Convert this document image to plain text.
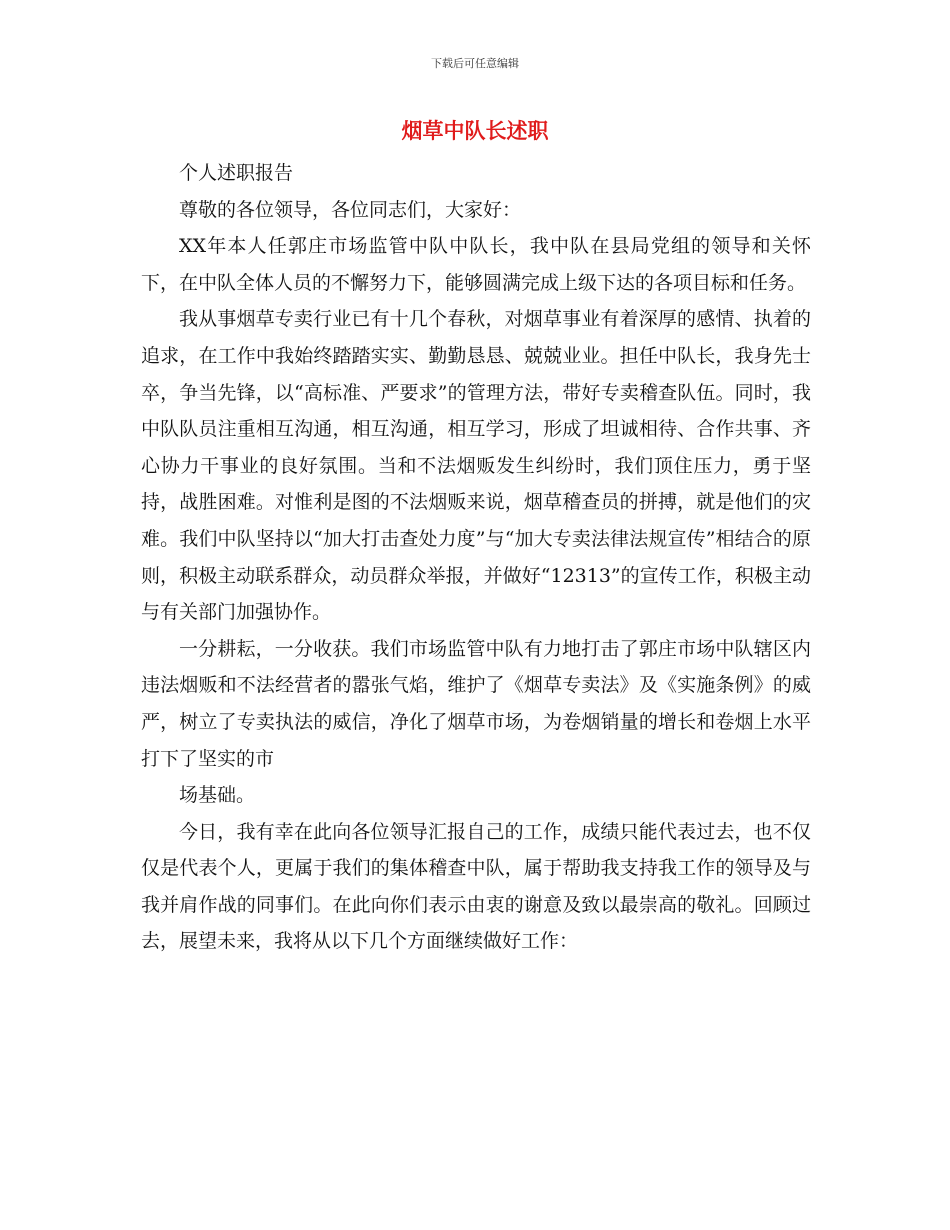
下载后可任意编辑
烟草中队长述职

个人述职报告

尊敬的各位领导，各位同志们，大家好：

XX年本人任郭庄市场监管中队中队长，我中队在县局党组的领导和关怀下，在中队全体人员的不懈努力下，能够圆满完成上级下达的各项目标和任务。

我从事烟草专卖行业已有十几个春秋，对烟草事业有着深厚的感情、执着的追求，在工作中我始终踏踏实实、勤勤恳恳、兢兢业业。担任中队长，我身先士卒，争当先锋，以“高标准、严要求”的管理方法，带好专卖稽查队伍。同时，我中队队员注重相互沟通，相互沟通，相互学习，形成了坦诚相待、合作共事、齐心协力干事业的良好氛围。当和不法烟贩发生纠纷时，我们顶住压力，勇于坚持，战胜困难。对惟利是图的不法烟贩来说，烟草稽查员的拼搏，就是他们的灾难。我们中队坚持以“加大打击查处力度”与“加大专卖法律法规宣传”相结合的原则，积极主动联系群众，动员群众举报，并做好“12313”的宣传工作，积极主动与有关部门加强协作。

一分耕耘，一分收获。我们市场监管中队有力地打击了郭庄市场中队辖区内违法烟贩和不法经营者的嚣张气焰，维护了《烟草专卖法》及《实施条例》的威严，树立了专卖执法的威信，净化了烟草市场，为卷烟销量的增长和卷烟上水平打下了坚实的市

场基础。

今日，我有幸在此向各位领导汇报自己的工作，成绩只能代表过去，也不仅仅是代表个人，更属于我们的集体稽查中队，属于帮助我支持我工作的领导及与我并肩作战的同事们。在此向你们表示由衷的谢意及致以最崇高的敬礼。回顾过去，展望未来，我将从以下几个方面继续做好工作：
